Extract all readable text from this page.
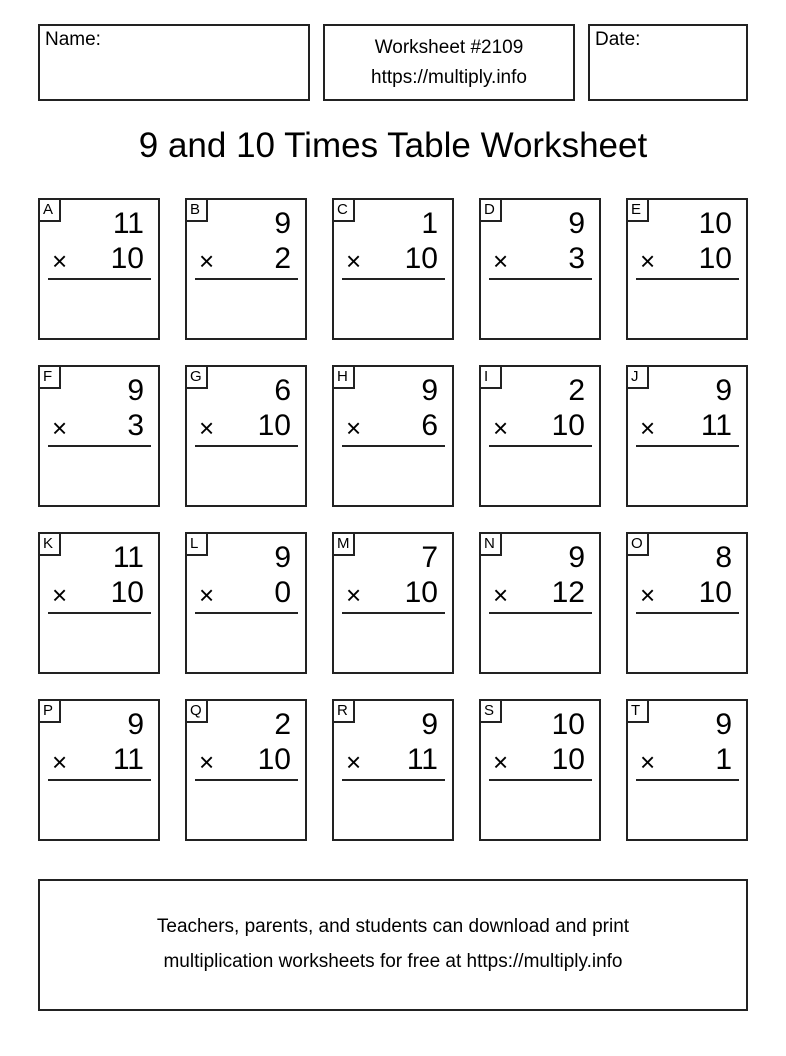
Name:	Worksheet #2109
https://multiply.info
Date:
9 and 10 Times Table Worksheet
A 11
× 10
B 9
× 2
C 1
× 10
D 9
× 3
E 10
× 10
F	9
× 3
G 6
× 10
H 9
× 6
I	2
× 10
J	9
× 11
K 11
× 10
L	9
× 0
M 7
× 10
N 9
× 12
O 8
× 10
P 9
× 11
Q 2
× 10
R 9
× 11
S 10
× 10
T	9
× 1
Teachers, parents, and students can download and print
multiplication worksheets for free at https://multiply.info
